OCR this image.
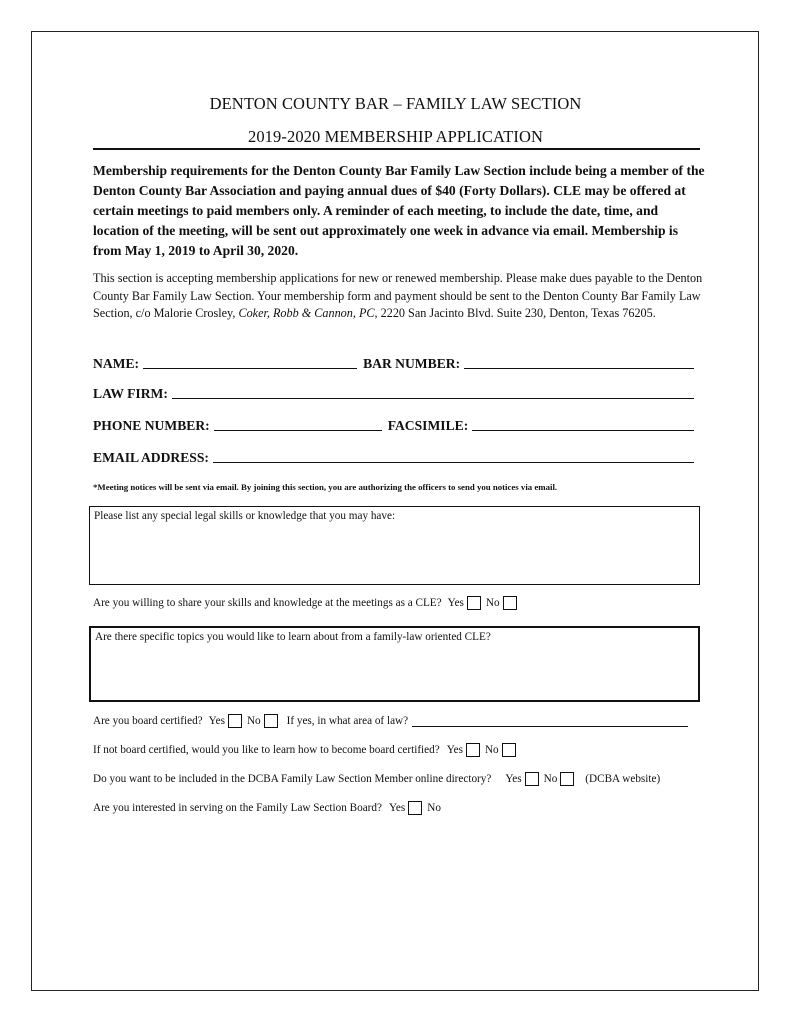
DENTON COUNTY BAR – FAMILY LAW SECTION
2019-2020 MEMBERSHIP APPLICATION
Membership requirements for the Denton County Bar Family Law Section include being a member of the Denton County Bar Association and paying annual dues of $40 (Forty Dollars). CLE may be offered at certain meetings to paid members only. A reminder of each meeting, to include the date, time, and location of the meeting, will be sent out approximately one week in advance via email. Membership is from May 1, 2019 to April 30, 2020.
This section is accepting membership applications for new or renewed membership. Please make dues payable to the Denton County Bar Family Law Section. Your membership form and payment should be sent to the Denton County Bar Family Law Section, c/o Malorie Crosley, Coker, Robb & Cannon, PC, 2220 San Jacinto Blvd. Suite 230, Denton, Texas 76205.
NAME:	BAR NUMBER:
LAW FIRM:
PHONE NUMBER:	FACSIMILE:
EMAIL ADDRESS:
*Meeting notices will be sent via email. By joining this section, you are authorizing the officers to send you notices via email.
Please list any special legal skills or knowledge that you may have:
Are you willing to share your skills and knowledge at the meetings as a CLE? Yes No
Are there specific topics you would like to learn about from a family-law oriented CLE?
Are you board certified? Yes No If yes, in what area of law?
If not board certified, would you like to learn how to become board certified? Yes No
Do you want to be included in the DCBA Family Law Section Member online directory? Yes No	(DCBA website)
Are you interested in serving on the Family Law Section Board? Yes No
